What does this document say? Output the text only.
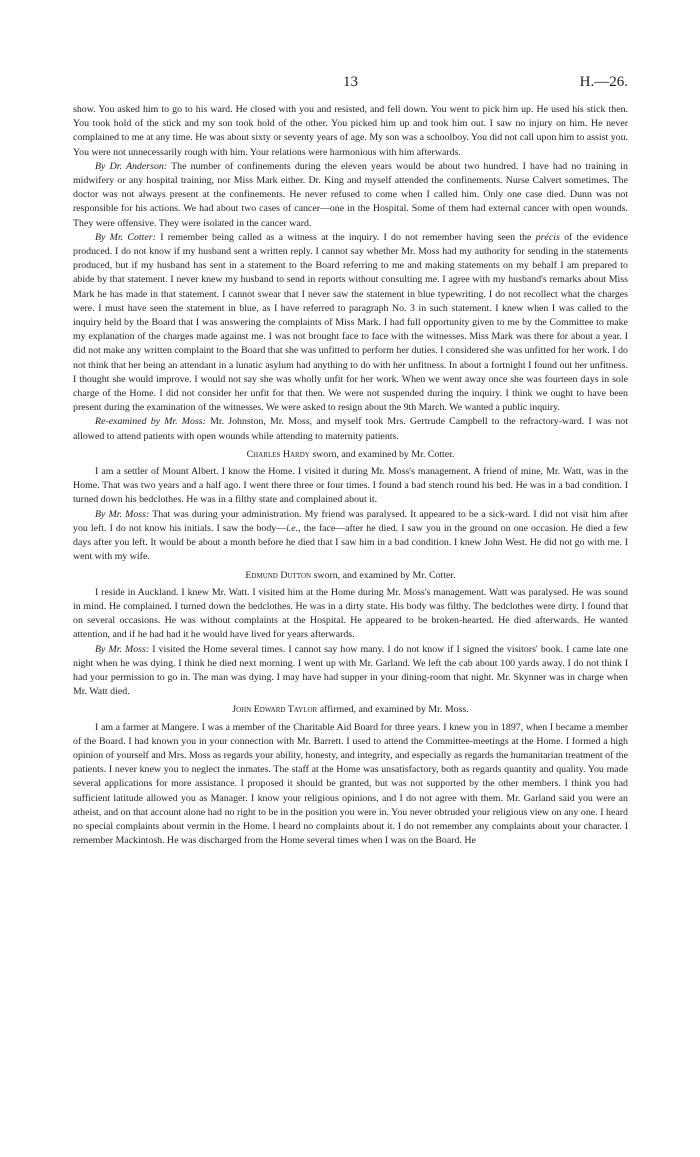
13	H.—26.

show. You asked him to go to his ward. He closed with you and resisted, and fell down. You went to pick him up. He used his stick then. You took hold of the stick and my son took hold of the other. You picked him up and took him out. I saw no injury on him. He never complained to me at any time. He was about sixty or seventy years of age. My son was a schoolboy. You did not call upon him to assist you. You were not unnecessarily rough with him. Your relations were harmonious with him afterwards.

By Dr. Anderson: The number of confinements during the eleven years would be about two hundred. I have had no training in midwifery or any hospital training, nor Miss Mark either. Dr. King and myself attended the confinements. Nurse Calvert sometimes. The doctor was not always present at the confinements. He never refused to come when I called him. Only one case died. Dunn was not responsible for his actions. We had about two cases of cancer—one in the Hospital. Some of them had external cancer with open wounds. They were offensive. They were isolated in the cancer ward.

By Mr. Cotter: I remember being called as a witness at the inquiry. I do not remember having seen the précis of the evidence produced. I do not know if my husband sent a written reply. I cannot say whether Mr. Moss had my authority for sending in the statements produced, but if my husband has sent in a statement to the Board referring to me and making statements on my behalf I am prepared to abide by that statement. I never knew my husband to send in reports without consulting me. I agree with my husband's remarks about Miss Mark he has made in that statement. I cannot swear that I never saw the statement in blue typewriting. I do not recollect what the charges were. I must have seen the statement in blue, as I have referred to paragraph No. 3 in such statement. I knew when I was called to the inquiry held by the Board that I was answering the complaints of Miss Mark. I had full opportunity given to me by the Committee to make my explanation of the charges made against me. I was not brought face to face with the witnesses. Miss Mark was there for about a year. I did not make any written complaint to the Board that she was unfitted to perform her duties. I considered she was unfitted for her work. I do not think that her being an attendant in a lunatic asylum had anything to do with her unfitness. In about a fortnight I found out her unfitness. I thought she would improve. I would not say she was wholly unfit for her work. When we went away once she was fourteen days in sole charge of the Home. I did not consider her unfit for that then. We were not suspended during the inquiry. I think we ought to have been present during the examination of the witnesses. We were asked to resign about the 9th March. We wanted a public inquiry.

Re-examined by Mr. Moss: Mr. Johnston, Mr. Moss, and myself took Mrs. Gertrude Campbell to the refractory-ward. I was not allowed to attend patients with open wounds while attending to maternity patients.

Charles Hardy sworn, and examined by Mr. Cotter.

I am a settler of Mount Albert. I know the Home. I visited it during Mr. Moss's management. A friend of mine, Mr. Watt, was in the Home. That was two years and a half ago. I went there three or four times. I found a bad stench round his bed. He was in a bad condition. I turned down his bedclothes. He was in a filthy state and complained about it.

By Mr. Moss: That was during your administration. My friend was paralysed. It appeared to be a sick-ward. I did not visit him after you left. I do not know his initials. I saw the body—i.e., the face—after he died. I saw you in the ground on one occasion. He died a few days after you left. It would be about a month before he died that I saw him in a bad condition. I knew John West. He did not go with me. I went with my wife.

Edmund Dutton sworn, and examined by Mr. Cotter.

I reside in Auckland. I knew Mr. Watt. I visited him at the Home during Mr. Moss's management. Watt was paralysed. He was sound in mind. He complained. I turned down the bedclothes. He was in a dirty state. His body was filthy. The bedclothes were dirty. I found that on several occasions. He was without complaints at the Hospital. He appeared to be broken-hearted. He died afterwards. He wanted attention, and if he had had it he would have lived for years afterwards.

By Mr. Moss: I visited the Home several times. I cannot say how many. I do not know if I signed the visitors' book. I came late one night when he was dying. I think he died next morning. I went up with Mr. Garland. We left the cab about 100 yards away. I do not think I had your permission to go in. The man was dying. I may have had supper in your dining-room that night. Mr. Skynner was in charge when Mr. Watt died.

John Edward Taylor affirmed, and examined by Mr. Moss.

I am a farmer at Mangere. I was a member of the Charitable Aid Board for three years. I knew you in 1897, when I became a member of the Board. I had known you in your connection with Mr. Barrett. I used to attend the Committee-meetings at the Home. I formed a high opinion of yourself and Mrs. Moss as regards your ability, honesty, and integrity, and especially as regards the humanitarian treatment of the patients. I never knew you to neglect the inmates. The staff at the Home was unsatisfactory, both as regards quantity and quality. You made several applications for more assistance. I proposed it should be granted, but was not supported by the other members. I think you had sufficient latitude allowed you as Manager. I know your religious opinions, and I do not agree with them. Mr. Garland said you were an atheist, and on that account alone had no right to be in the position you were in. You never obtruded your religious view on any one. I heard no special complaints about vermin in the Home. I heard no complaints about it. I do not remember any complaints about your character. I remember Mackintosh. He was discharged from the Home several times when I was on the Board. He
